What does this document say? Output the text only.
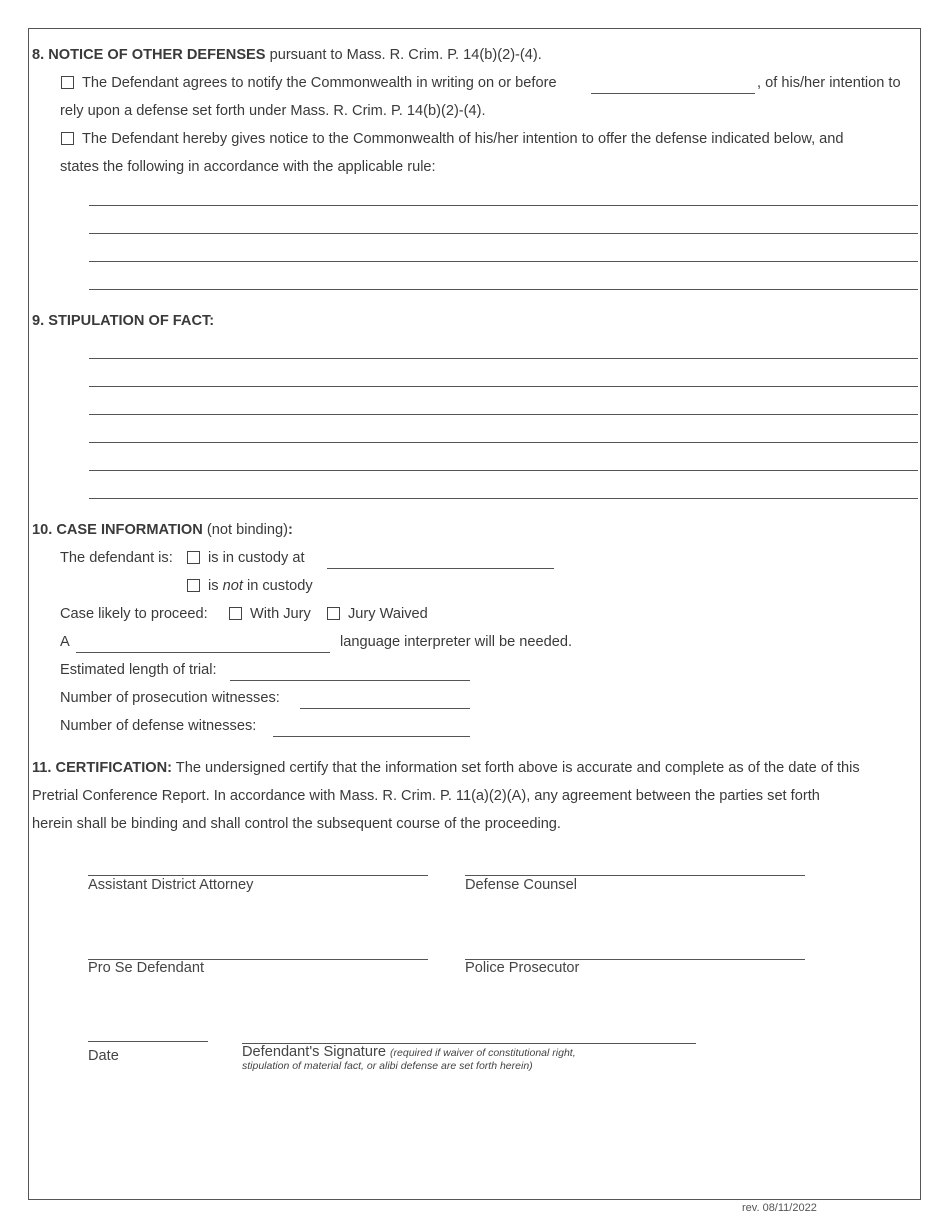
8. NOTICE OF OTHER DEFENSES pursuant to Mass. R. Crim. P. 14(b)(2)-(4).
The Defendant agrees to notify the Commonwealth in writing on or before	, of his/her intention to
rely upon a defense set forth under Mass. R. Crim. P. 14(b)(2)-(4).
The Defendant hereby gives notice to the Commonwealth of his/her intention to offer the defense indicated below, and
states the following in accordance with the applicable rule:
9. STIPULATION OF FACT:
10. CASE INFORMATION (not binding):
The defendant is: is in custody at
is not in custody
Case likely to proceed:	With Jury	Jury Waived
A	language interpreter will be needed.
Estimated length of trial:
Number of prosecution witnesses:
Number of defense witnesses:
11. CERTIFICATION: The undersigned certify that the information set forth above is accurate and complete as of the date of this
Pretrial Conference Report. In accordance with Mass. R. Crim. P. 11(a)(2)(A), any agreement between the parties set forth
herein shall be binding and shall control the subsequent course of the proceeding.
Assistant District Attorney	Defense Counsel
Pro Se Defendant	Police Prosecutor
Date	Defendant's Signature (required if waiver of constitutional right,
stipulation of material fact, or alibi defense are set forth herein)
rev. 08/11/2022
